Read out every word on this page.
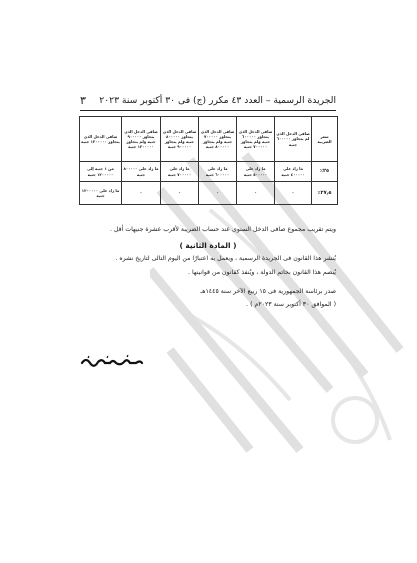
الجريدة الرسمية – العدد ٤٣ مكرر (ج) فى ٣٠ أكتوبر سنة ٢٠٢٣
٣
سعر الضريبة	صافى الدخل الذى لم يتجاوز ٦٠٠٠٠٠ جنيه	صافى الدخل الذى يتجاوز ٦٠٠٠٠٠ جنيه ولم يتجاوز ٧٠٠٠٠٠ جنيه	صافى الدخل الذى يتجاوز ٧٠٠٠٠٠ جنيه ولم يتجاوز ٨٠٠٠٠٠ جنيه	صافى الدخل الذى يتجاوز ٨٠٠٠٠٠ جنيه ولم يتجاوز ٩٠٠٠٠٠ جنيه	صافى الدخل الذى يتجاوز ٩٠٠٠٠٠ جنيه ولم يتجاوز ١٢٠٠٠٠٠ جنيه	صافى الدخل الذى يتجاوز ١٢٠٠٠٠٠ جنيه
٢٥٪	ما زاد على ٤٠٠٠٠٠ جنيه	ما زاد على ٥٠٠٠٠٠ جنيه	ما زاد على ٦٠٠٠٠٠ جنيه	ما زاد على ٧٠٠٠٠٠ جنيه	ما زاد على ٨٠٠٠٠٠ جنيه	من ١ جنيه إلى ١٢٠٠٠٠٠ جنيه
٢٧٫٥٪	-	-	-	-	-	ما زاد على ١٢٠٠٠٠٠ جنيه
ويتم تقريب مجموع صافى الدخل السنوى عند حساب الضريبة لأقرب عشرة جنيهات أقل .
( المادة الثانية )
يُنشر هذا القانون فى الجريدة الرسمية ، ويعمل به اعتبارًا من اليوم التالى لتاريخ نشره .
يُبصم هذا القانون بخاتم الدولة ، ويُنفذ كقانون من قوانينها .
صدر برئاسة الجمهورية فى ١٥ ربيع الآخر سنة ١٤٤٥هـ
( الموافق ٣٠ أكتوبر سنة ٢٠٢٣م ) .
